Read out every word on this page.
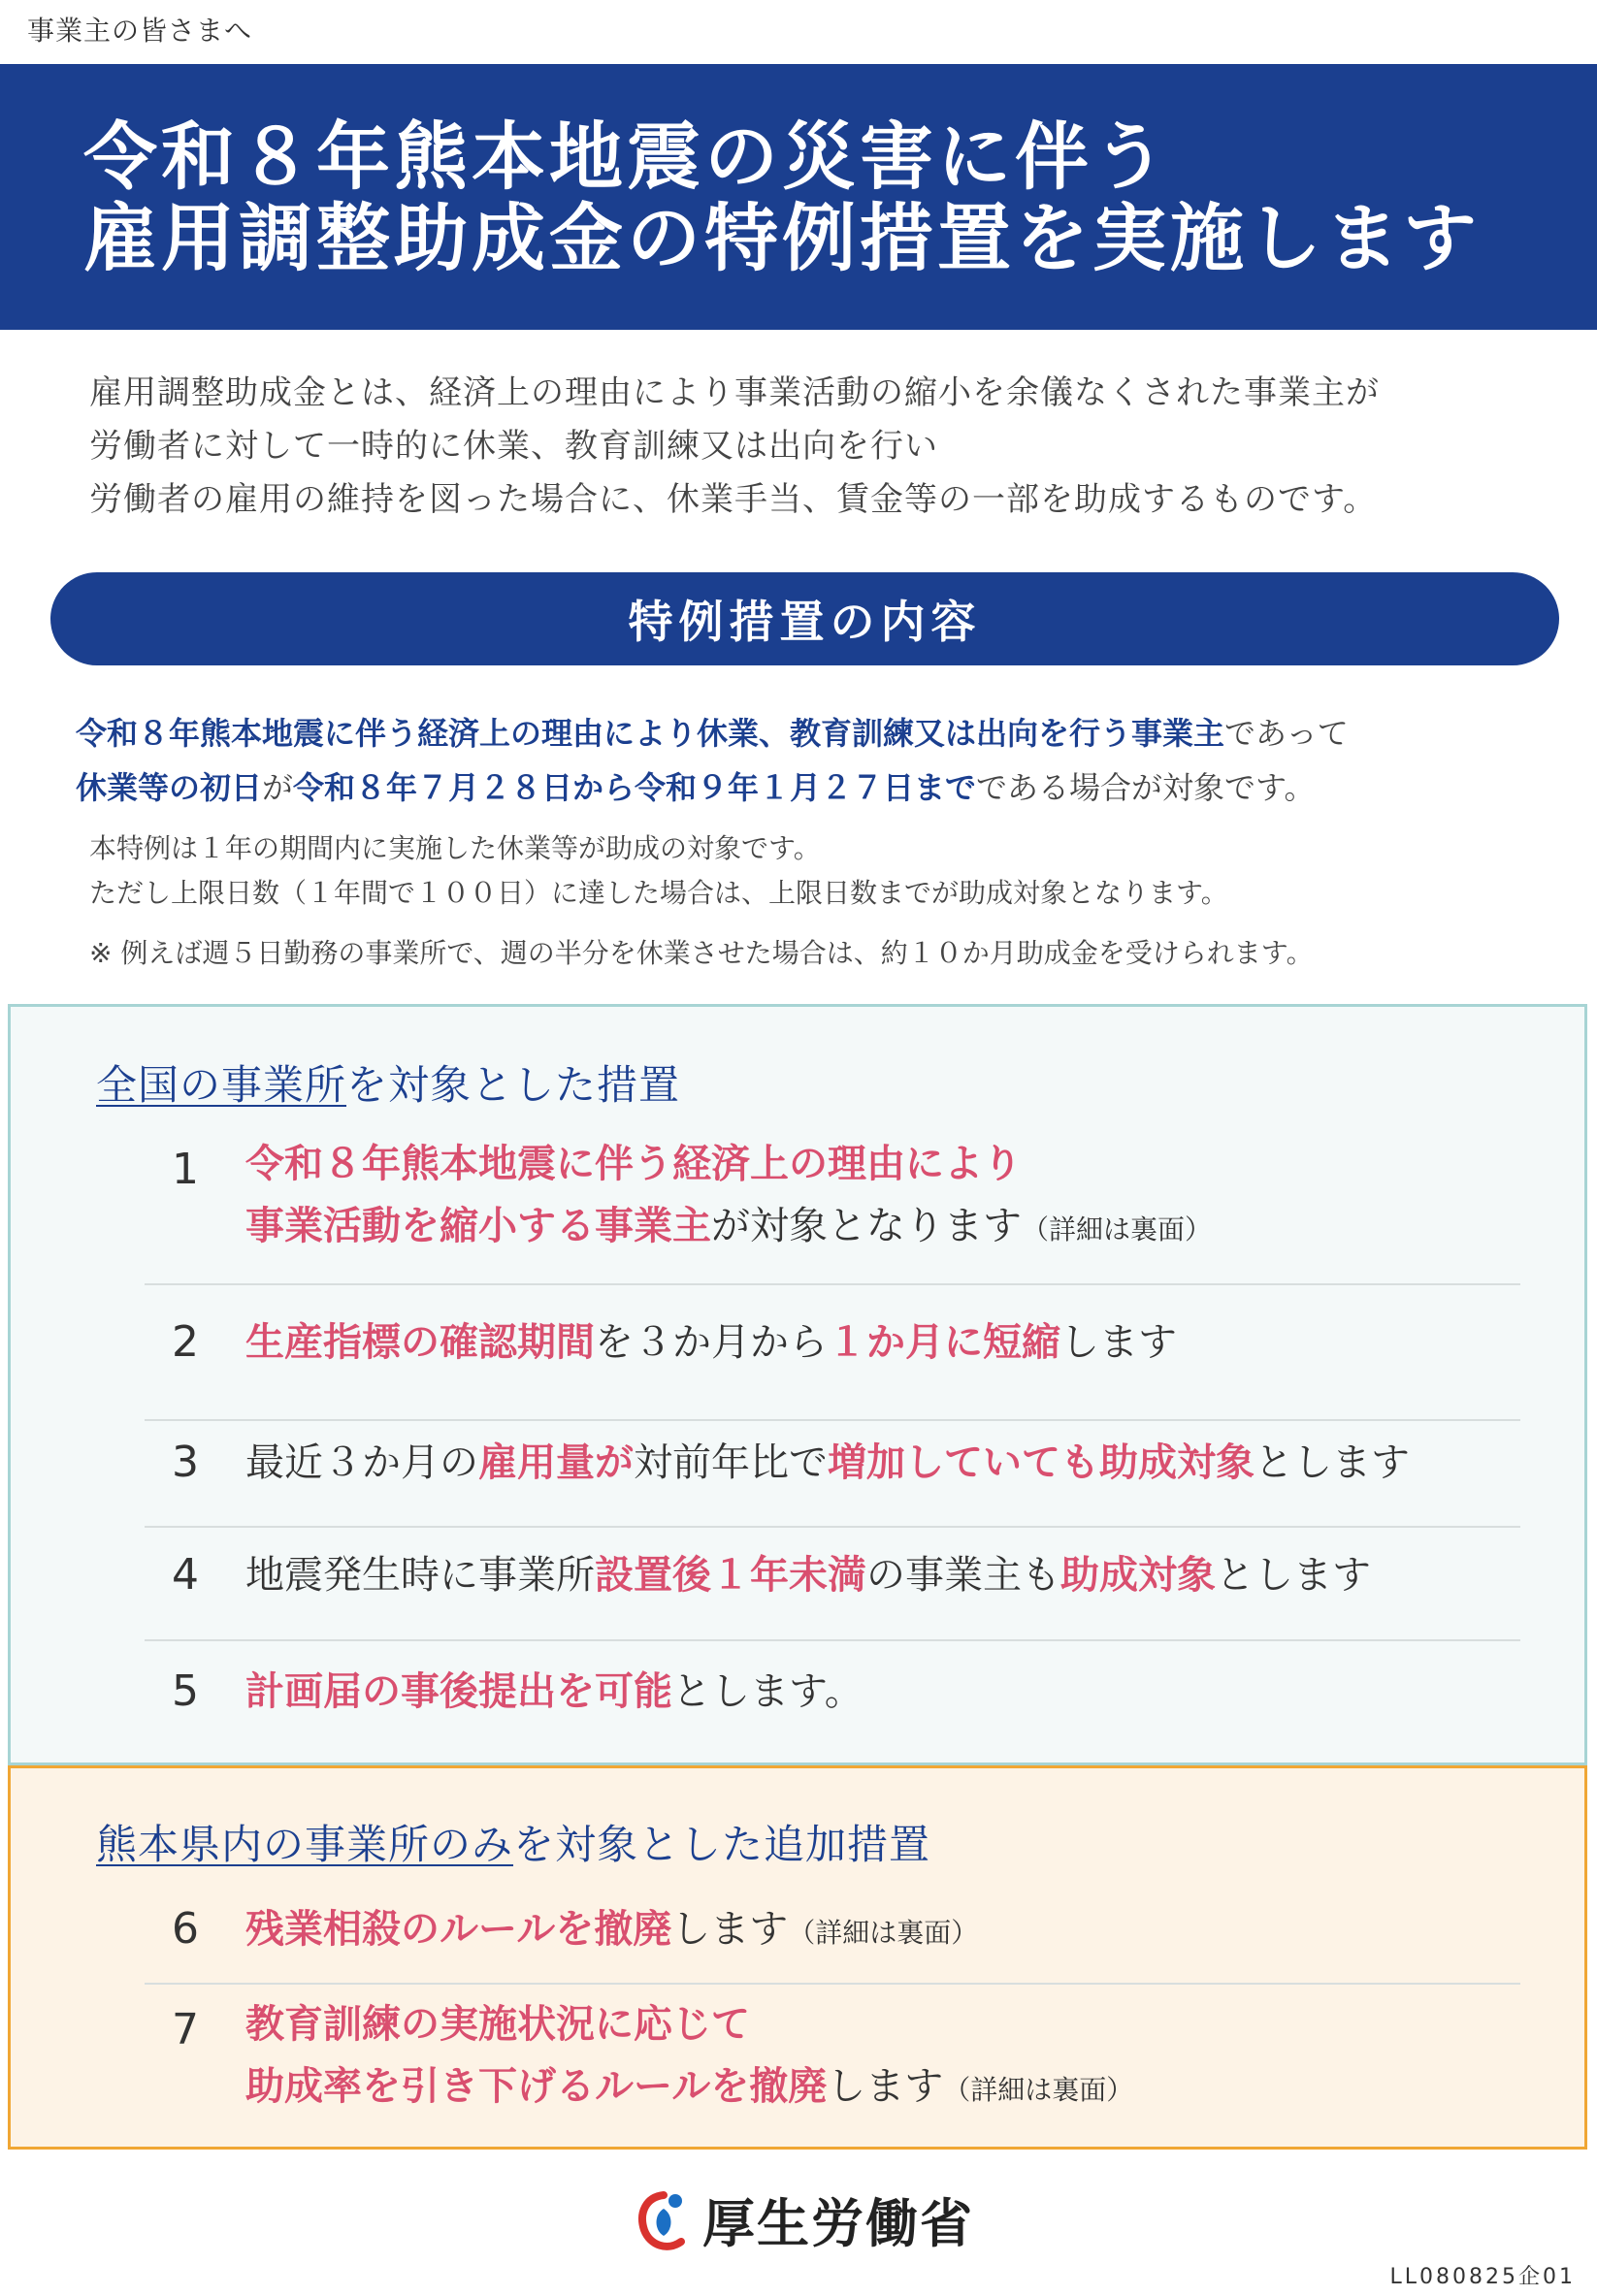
事業主の皆さまへ
令和８年熊本地震の災害に伴う
雇用調整助成金の特例措置を実施します
雇用調整助成金とは、経済上の理由により事業活動の縮小を余儀なくされた事業主が
労働者に対して一時的に休業、教育訓練又は出向を行い
労働者の雇用の維持を図った場合に、休業手当、賃金等の一部を助成するものです。
特例措置の内容
令和８年熊本地震に伴う経済上の理由により休業、教育訓練又は出向を行う事業主であって
休業等の初日が令和８年７月２８日から令和９年１月２７日までである場合が対象です。
本特例は１年の期間内に実施した休業等が助成の対象です。
ただし上限日数（１年間で１００日）に達した場合は、上限日数までが助成対象となります。
※ 例えば週５日勤務の事業所で、週の半分を休業させた場合は、約１０か月助成金を受けられます。
全国の事業所を対象とした措置
1 令和８年熊本地震に伴う経済上の理由により
事業活動を縮小する事業主が対象となります（詳細は裏面）
2 生産指標の確認期間を３か月から１か月に短縮します
3 最近３か月の雇用量が対前年比で増加していても助成対象とします
4 地震発生時に事業所設置後１年未満の事業主も助成対象とします
5 計画届の事後提出を可能とします。
熊本県内の事業所のみを対象とした追加措置
6 残業相殺のルールを撤廃します（詳細は裏面）
7 教育訓練の実施状況に応じて
助成率を引き下げるルールを撤廃します（詳細は裏面）
厚生労働省
LL080825企01
